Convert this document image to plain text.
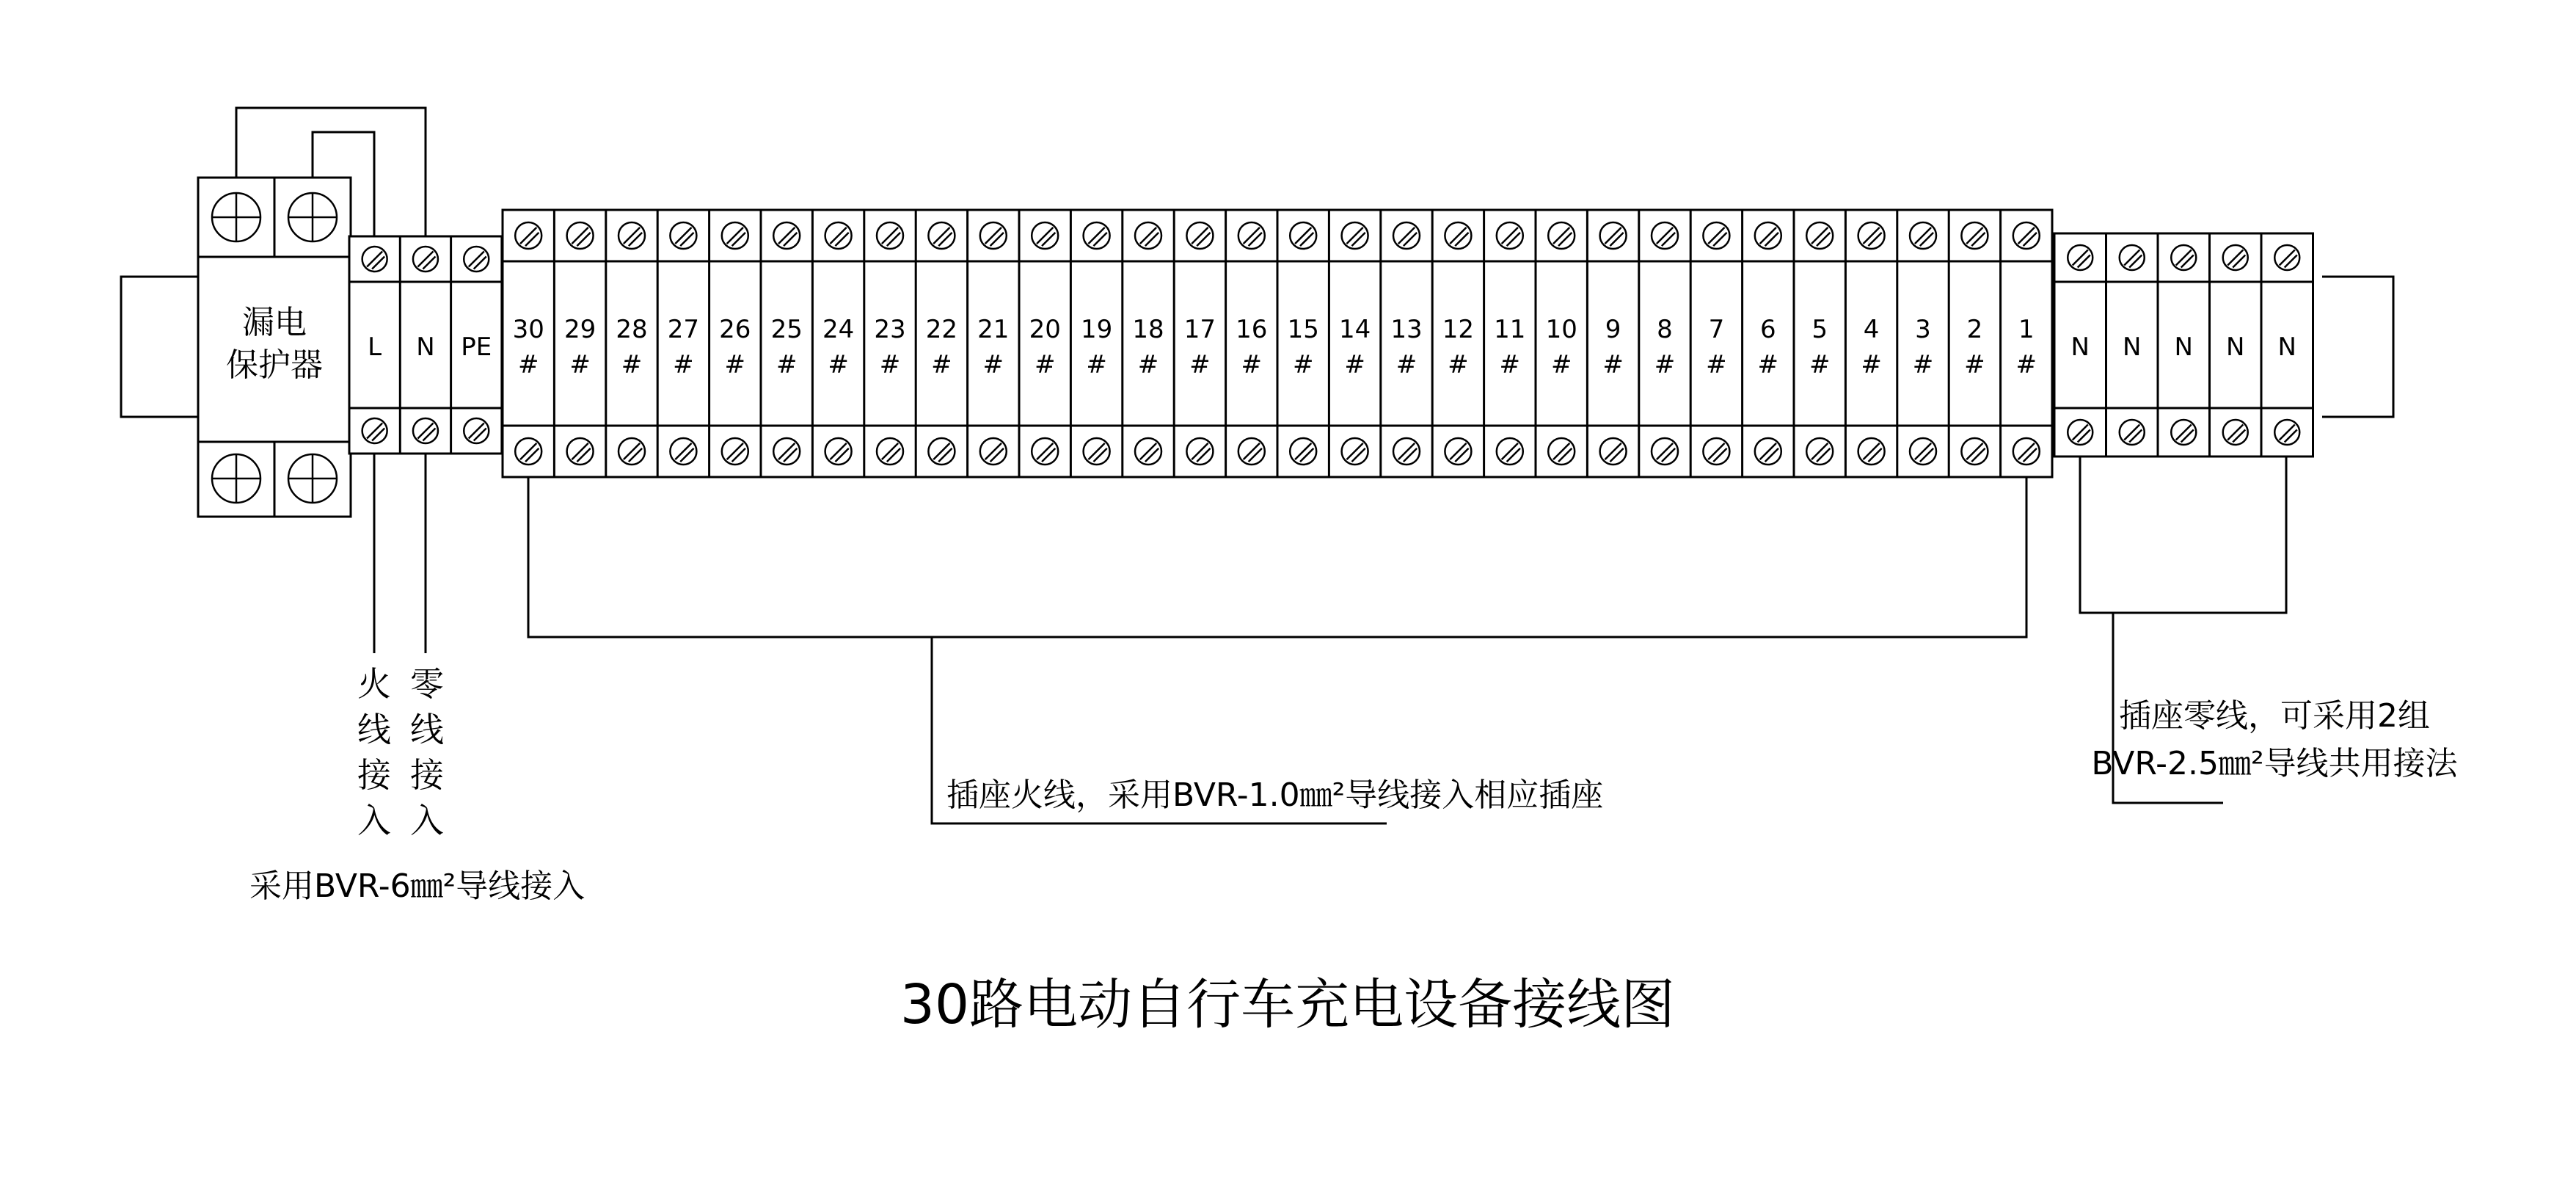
漏电
保护器 L N PE
30
#
29
#
28
#
27
#
26
#
25
#
24
#
23
#
22
#
21
#
20
#
19
#
18
#
17
#
16
#
15
#
14
#
13
#
12
#
11
#
10
#
9
#
8
#
7
#
6
#
5
#
4
#
3
#
2
#
1
#
N N N N N
火
线
接
入
零
线
接
入
采用BVR-6㎜²导线接入
插座火线，采用BVR-1.0㎜²导线接入相应插座
插座零线，可采用2组
BVR-2.5㎜²导线共用接法
30路电动自行车充电设备接线图
